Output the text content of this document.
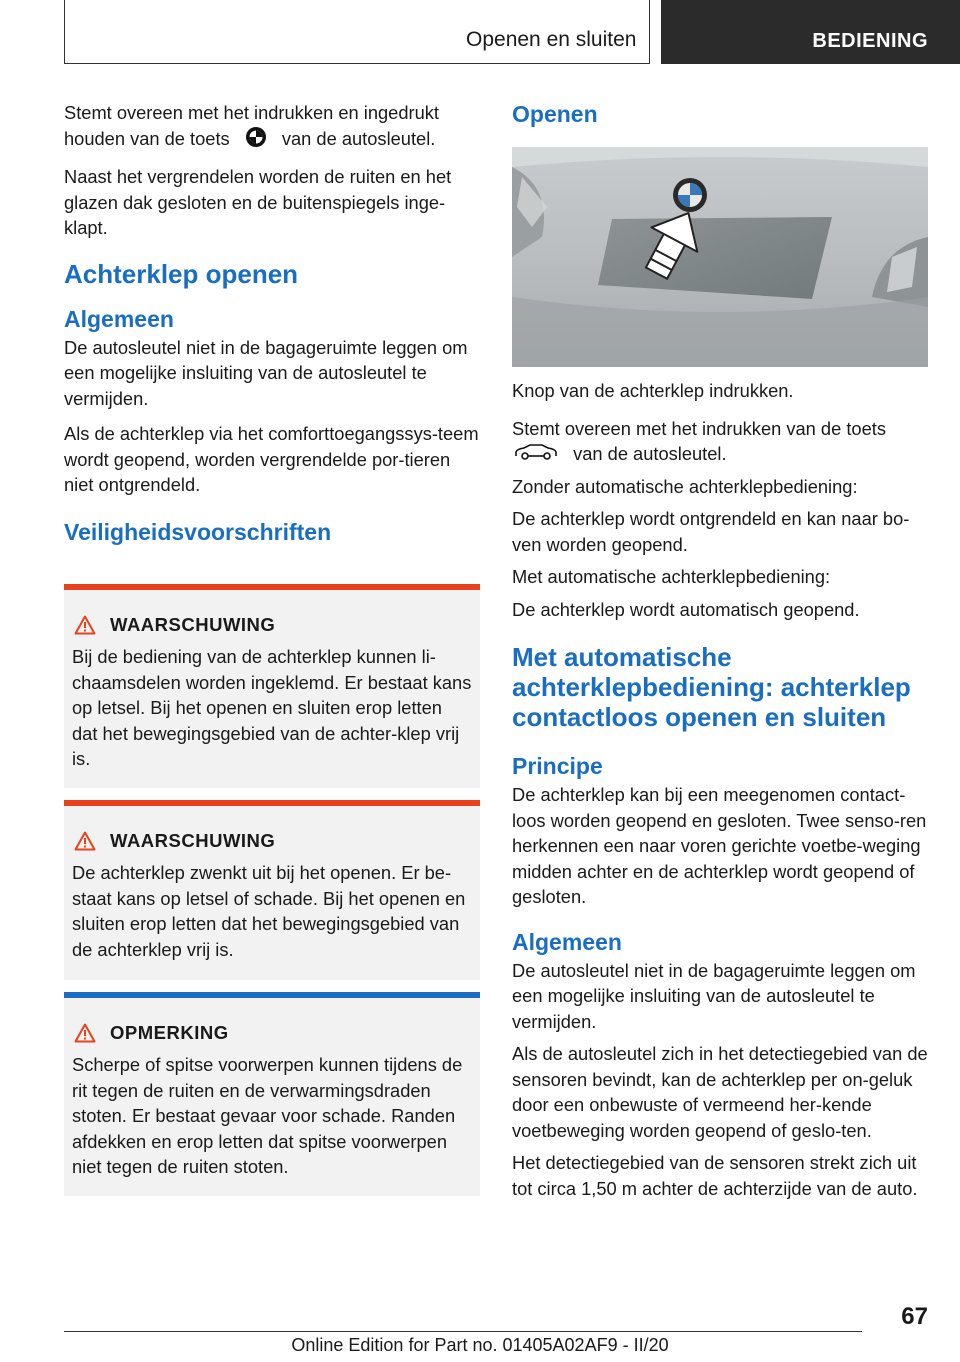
Openen en sluiten	BEDIENING

Stemt overeen met het indrukken en ingedrukt houden van de toets	van de autosleutel.

Naast het vergrendelen worden de ruiten en het glazen dak gesloten en de buitenspiegels inge-klapt.

Achterklep openen
Algemeen

De autosleutel niet in de bagageruimte leggen om een mogelijke insluiting van de autosleutel te vermijden.

Als de achterklep via het comforttoegangssys-teem wordt geopend, worden vergrendelde por-tieren niet ontgrendeld.

Veiligheidsvoorschriften
WAARSCHUWING
Bij de bediening van de achterklep kunnen li-chaamsdelen worden ingeklemd. Er bestaat kans op letsel. Bij het openen en sluiten erop letten dat het bewegingsgebied van de achter-klep vrij is.
WAARSCHUWING
De achterklep zwenkt uit bij het openen. Er be-staat kans op letsel of schade. Bij het openen en sluiten erop letten dat het bewegingsgebied van de achterklep vrij is.
OPMERKING
Scherpe of spitse voorwerpen kunnen tijdens de rit tegen de ruiten en de verwarmingsdraden stoten. Er bestaat gevaar voor schade. Randen afdekken en erop letten dat spitse voorwerpen niet tegen de ruiten stoten.
Openen

Knop van de achterklep indrukken.

Stemt overeen met het indrukken van de toets
van de autosleutel.

Zonder automatische achterklepbediening:

De achterklep wordt ontgrendeld en kan naar bo-ven worden geopend.

Met automatische achterklepbediening:

De achterklep wordt automatisch geopend.

Met automatische achterklepbediening: achterklep contactloos openen en sluiten
Principe

De achterklep kan bij een meegenomen contact-loos worden geopend en gesloten. Twee senso-ren herkennen een naar voren gerichte voetbe-weging midden achter en de achterklep wordt geopend of gesloten.

Algemeen

De autosleutel niet in de bagageruimte leggen om een mogelijke insluiting van de autosleutel te vermijden.

Als de autosleutel zich in het detectiegebied van de sensoren bevindt, kan de achterklep per on-geluk door een onbewuste of vermeend her-kende voetbeweging worden geopend of geslo-ten.

Het detectiegebied van de sensoren strekt zich uit tot circa 1,50 m achter de achterzijde van de auto.

67
Online Edition for Part no. 01405A02AF9 - II/20
